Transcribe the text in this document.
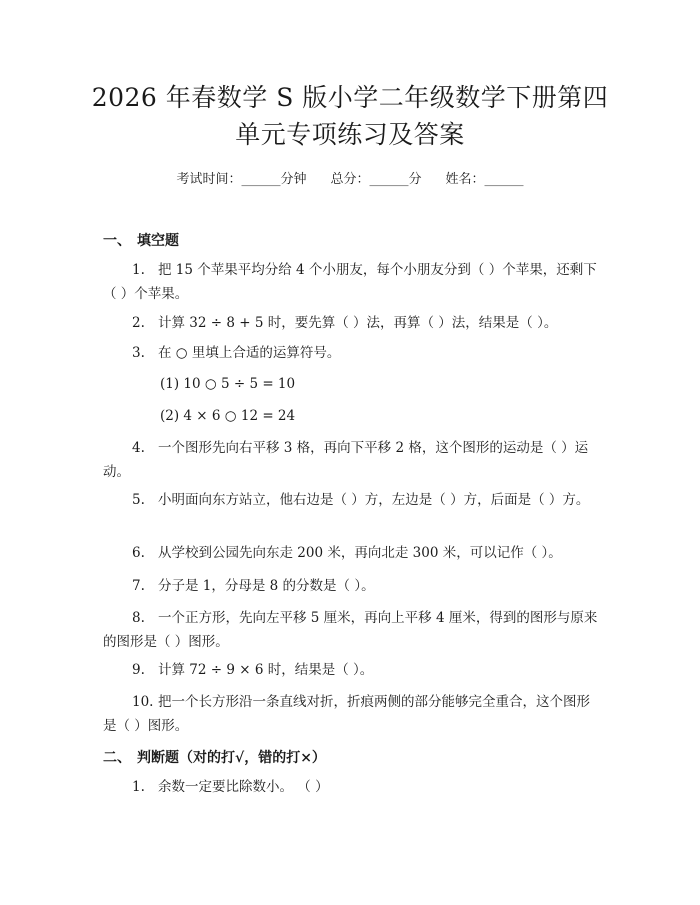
2026 年春数学 S 版小学二年级数学下册第四
单元专项练习及答案
考试时间：______分钟 总分：______分 姓名：______
一、 填空题
1. 把 15 个苹果平均分给 4 个小朋友，每个小朋友分到（ ）个苹果，还剩下（ ）个苹果。
2. 计算 32 ÷ 8 + 5 时，要先算（ ）法，再算（ ）法，结果是（ ）。
3. 在 ○ 里填上合适的运算符号。
(1) 10 ○ 5 ÷ 5 = 10
(2) 4 × 6 ○ 12 = 24
4. 一个图形先向右平移 3 格，再向下平移 2 格，这个图形的运动是（ ）运动。
5. 小明面向东方站立，他右边是（ ）方，左边是（ ）方，后面是（ ）方。
6. 从学校到公园先向东走 200 米，再向北走 300 米，可以记作（ ）。
7. 分子是 1，分母是 8 的分数是（ ）。
8. 一个正方形，先向左平移 5 厘米，再向上平移 4 厘米，得到的图形与原来的图形是（ ）图形。
9. 计算 72 ÷ 9 × 6 时，结果是（ ）。
10. 把一个长方形沿一条直线对折，折痕两侧的部分能够完全重合，这个图形是（ ）图形。
二、 判断题（对的打√，错的打×）
1. 余数一定要比除数小。 （ ）
